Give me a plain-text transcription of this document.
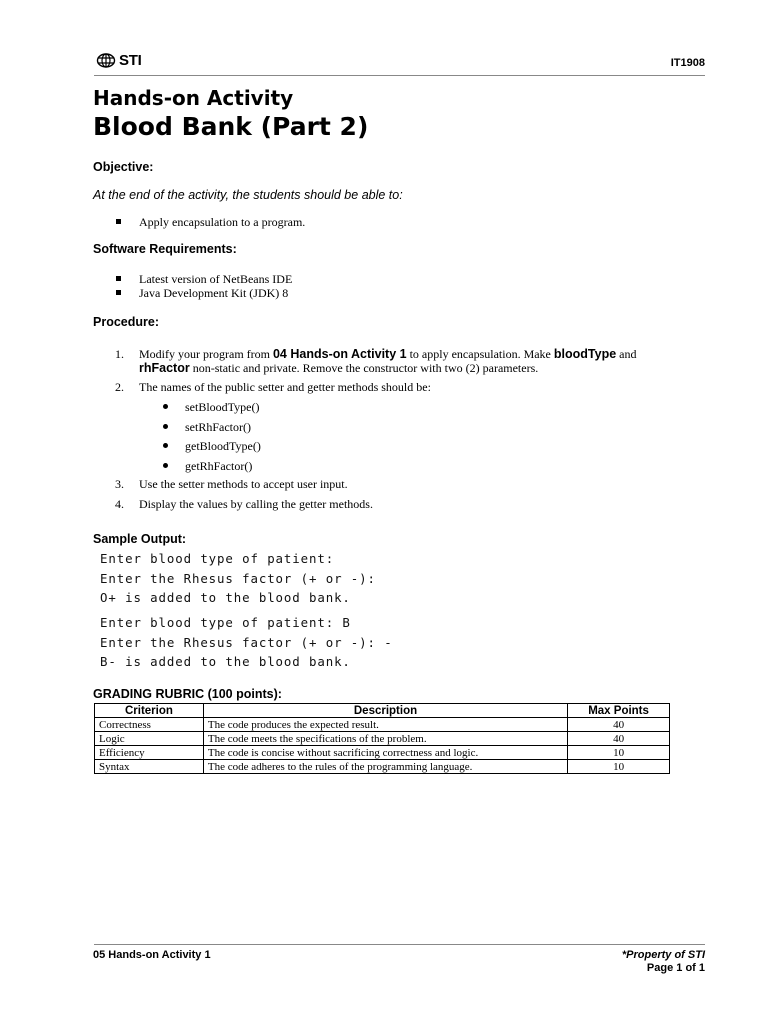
STI	IT1908
Hands-on Activity
Blood Bank (Part 2)
Objective:
At the end of the activity, the students should be able to:
Apply encapsulation to a program.
Software Requirements:
Latest version of NetBeans IDE
Java Development Kit (JDK) 8
Procedure:
1. Modify your program from 04 Hands-on Activity 1 to apply encapsulation. Make bloodType and
rhFactor non-static and private. Remove the constructor with two (2) parameters.
2. The names of the public setter and getter methods should be:
3. Use the setter methods to accept user input.
4. Display the values by calling the getter methods.
setBloodType()
setRhFactor()
getBloodType()
getRhFactor()
Sample Output:
Enter blood type of patient:
Enter the Rhesus factor (+ or -):
O+ is added to the blood bank.
Enter blood type of patient: B
Enter the Rhesus factor (+ or -): -
B- is added to the blood bank.
GRADING RUBRIC (100 points):
Criterion	Description	Max Points
Correctness	The code produces the expected result.	40
Logic	The code meets the specifications of the problem.	40
Efficiency	The code is concise without sacrificing correctness and logic.	10
Syntax	The code adheres to the rules of the programming language.	10
05 Hands-on Activity 1	*Property of STI
Page 1 of 1
